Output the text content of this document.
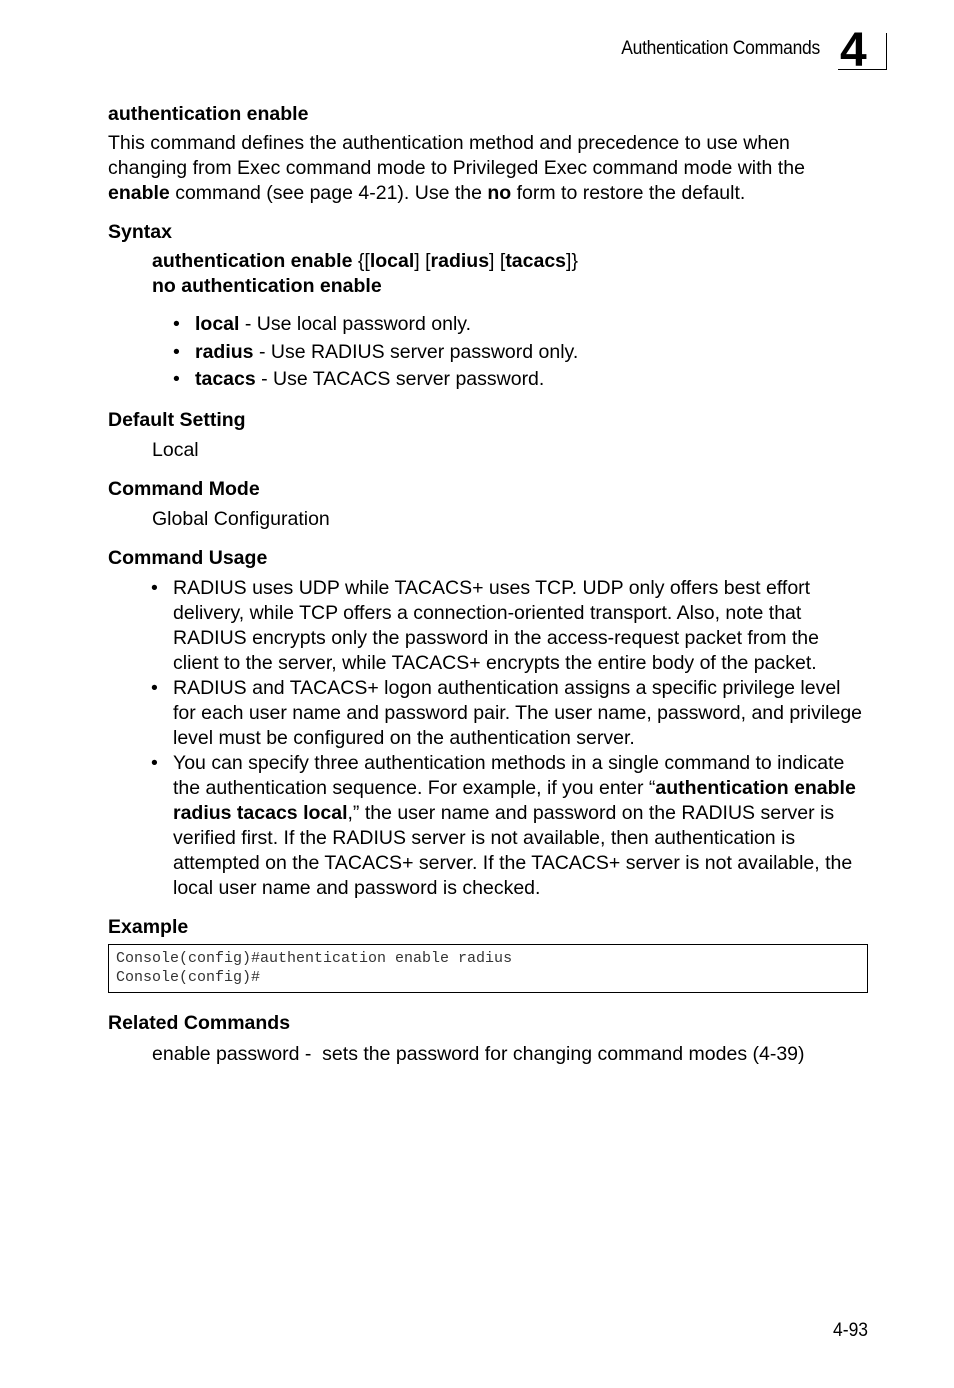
Authentication Commands 4
authentication enable

This command defines the authentication method and precedence to use when changing from Exec command mode to Privileged Exec command mode with the enable command (see page 4-21). Use the no form to restore the default.

Syntax

authentication enable {[local] [radius] [tacacs]}

no authentication enable

• local - Use local password only.
• radius - Use RADIUS server password only.
• tacacs - Use TACACS server password.
Default Setting

Local

Command Mode

Global Configuration

Command Usage
• RADIUS uses UDP while TACACS+ uses TCP. UDP only offers best effort delivery, while TCP offers a connection-oriented transport. Also, note that RADIUS encrypts only the password in the access-request packet from the client to the server, while TACACS+ encrypts the entire body of the packet.
• RADIUS and TACACS+ logon authentication assigns a specific privilege level for each user name and password pair. The user name, password, and privilege level must be configured on the authentication server.
• You can specify three authentication methods in a single command to indicate the authentication sequence. For example, if you enter “authentication enable radius tacacs local,” the user name and password on the RADIUS server is verified first. If the RADIUS server is not available, then authentication is attempted on the TACACS+ server. If the TACACS+ server is not available, the local user name and password is checked.
Example
Console(config)#authentication enable radius
Console(config)#
Related Commands

enable password -  sets the password for changing command modes (4-39)

4-93
